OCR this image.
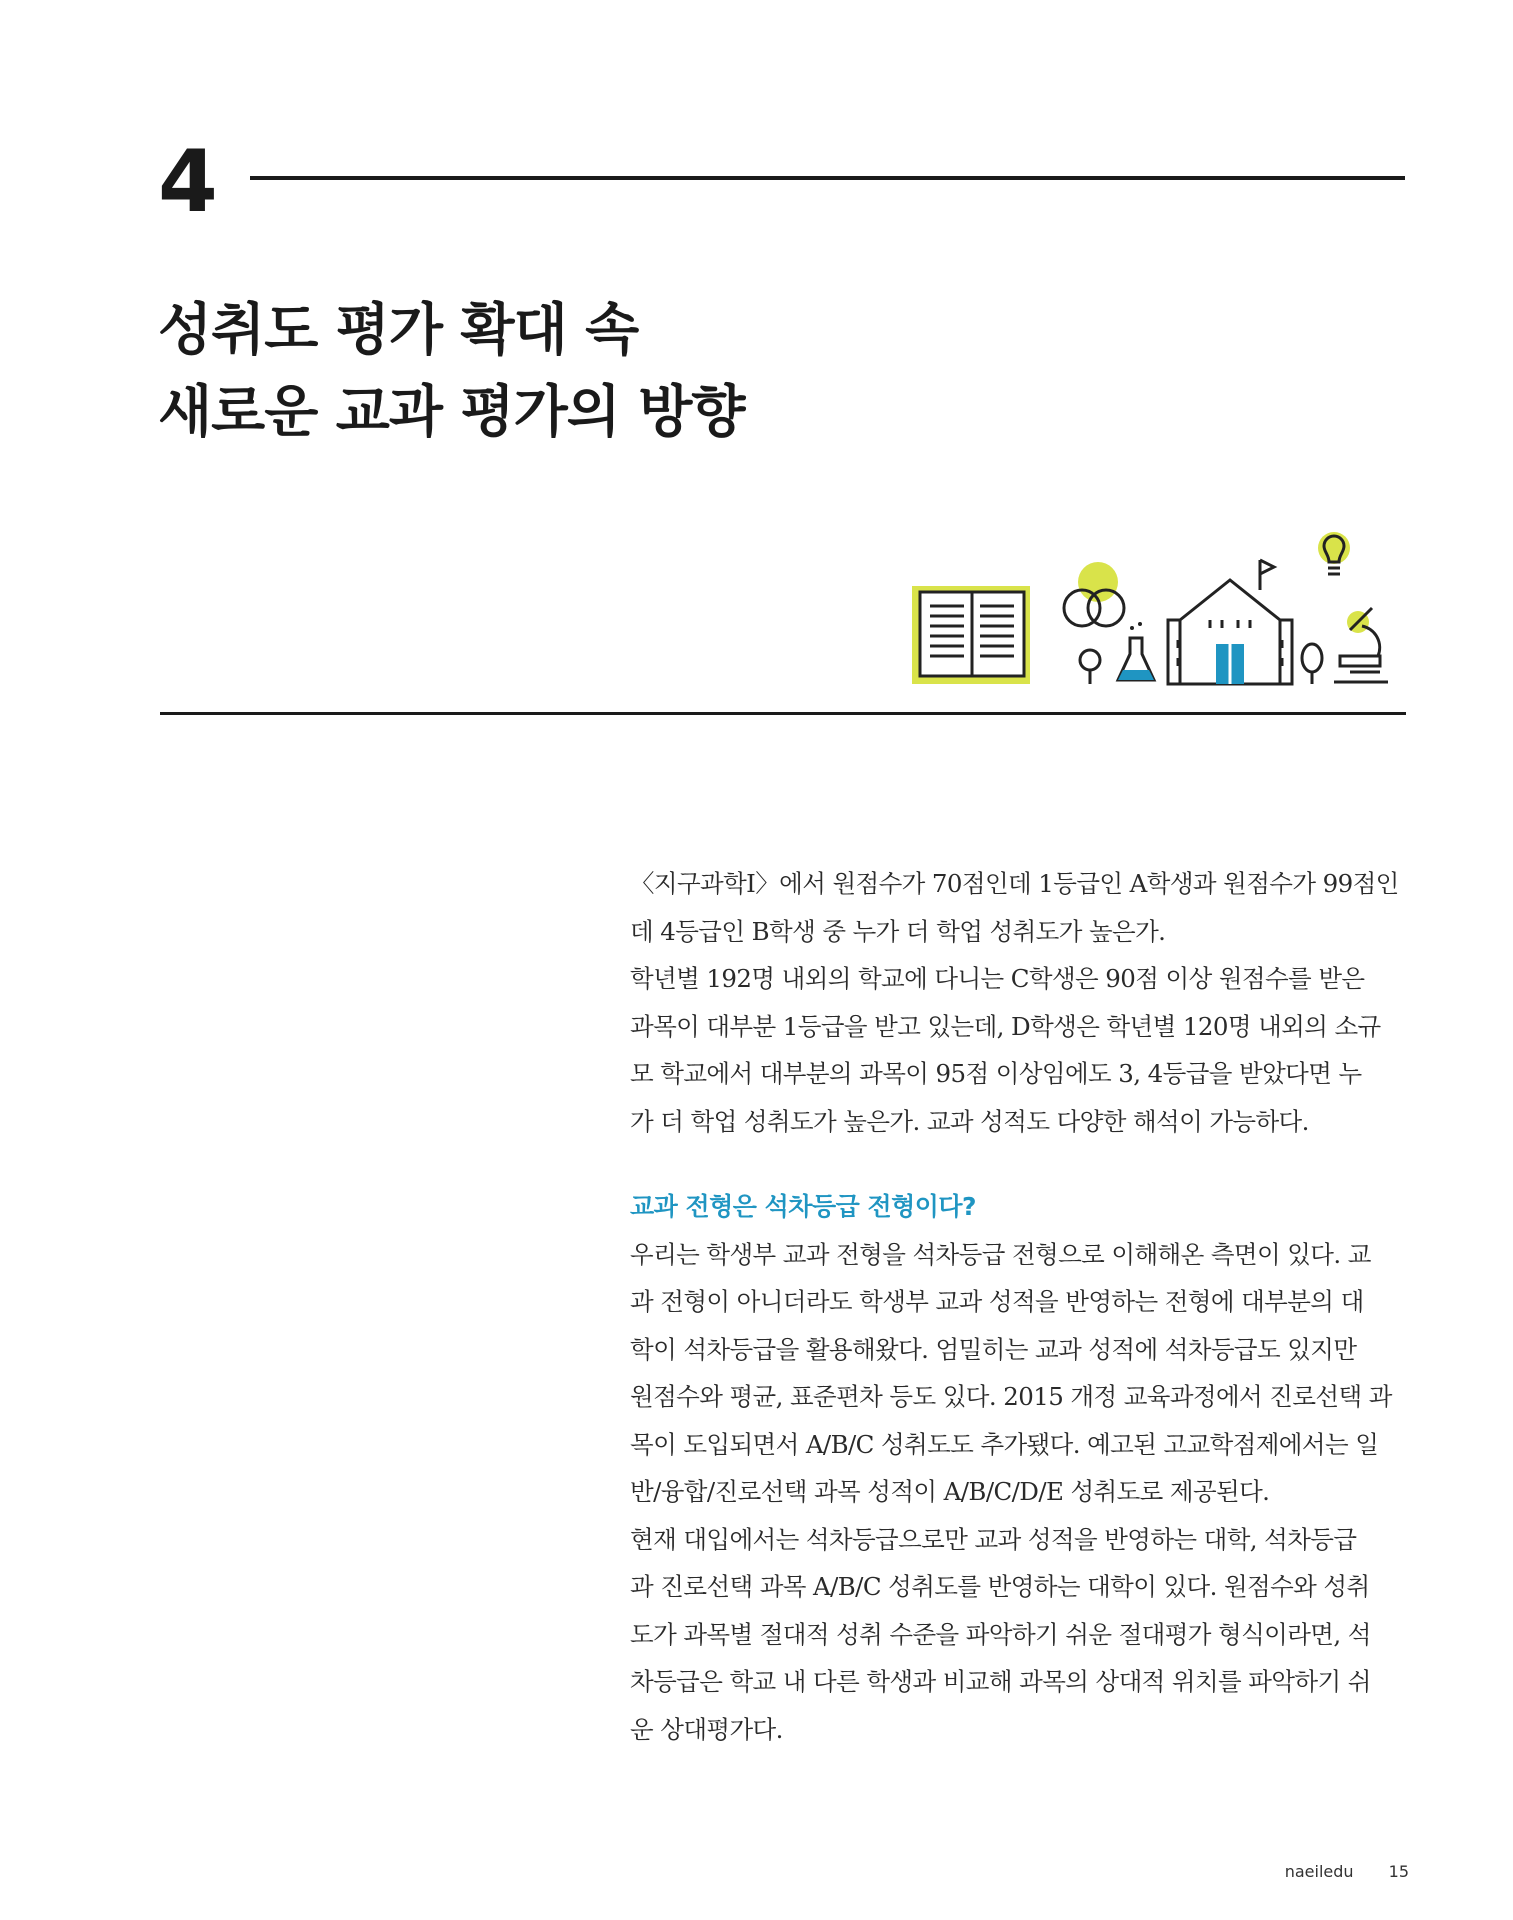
4
성취도 평가 확대 속
새로운 교과 평가의 방향
〈지구과학Ⅰ〉에서 원점수가 70점인데 1등급인 A학생과 원점수가 99점인
데 4등급인 B학생 중 누가 더 학업 성취도가 높은가.
학년별 192명 내외의 학교에 다니는 C학생은 90점 이상 원점수를 받은
과목이 대부분 1등급을 받고 있는데, D학생은 학년별 120명 내외의 소규
모 학교에서 대부분의 과목이 95점 이상임에도 3, 4등급을 받았다면 누
가 더 학업 성취도가 높은가. 교과 성적도 다양한 해석이 가능하다.
교과 전형은 석차등급 전형이다?
우리는 학생부 교과 전형을 석차등급 전형으로 이해해온 측면이 있다. 교
과 전형이 아니더라도 학생부 교과 성적을 반영하는 전형에 대부분의 대
학이 석차등급을 활용해왔다. 엄밀히는 교과 성적에 석차등급도 있지만
원점수와 평균, 표준편차 등도 있다. 2015 개정 교육과정에서 진로선택 과
목이 도입되면서 A/B/C 성취도도 추가됐다. 예고된 고교학점제에서는 일
반/융합/진로선택 과목 성적이 A/B/C/D/E 성취도로 제공된다.
현재 대입에서는 석차등급으로만 교과 성적을 반영하는 대학, 석차등급
과 진로선택 과목 A/B/C 성취도를 반영하는 대학이 있다. 원점수와 성취
도가 과목별 절대적 성취 수준을 파악하기 쉬운 절대평가 형식이라면, 석
차등급은 학교 내 다른 학생과 비교해 과목의 상대적 위치를 파악하기 쉬
운 상대평가다.
naeiledu 15
